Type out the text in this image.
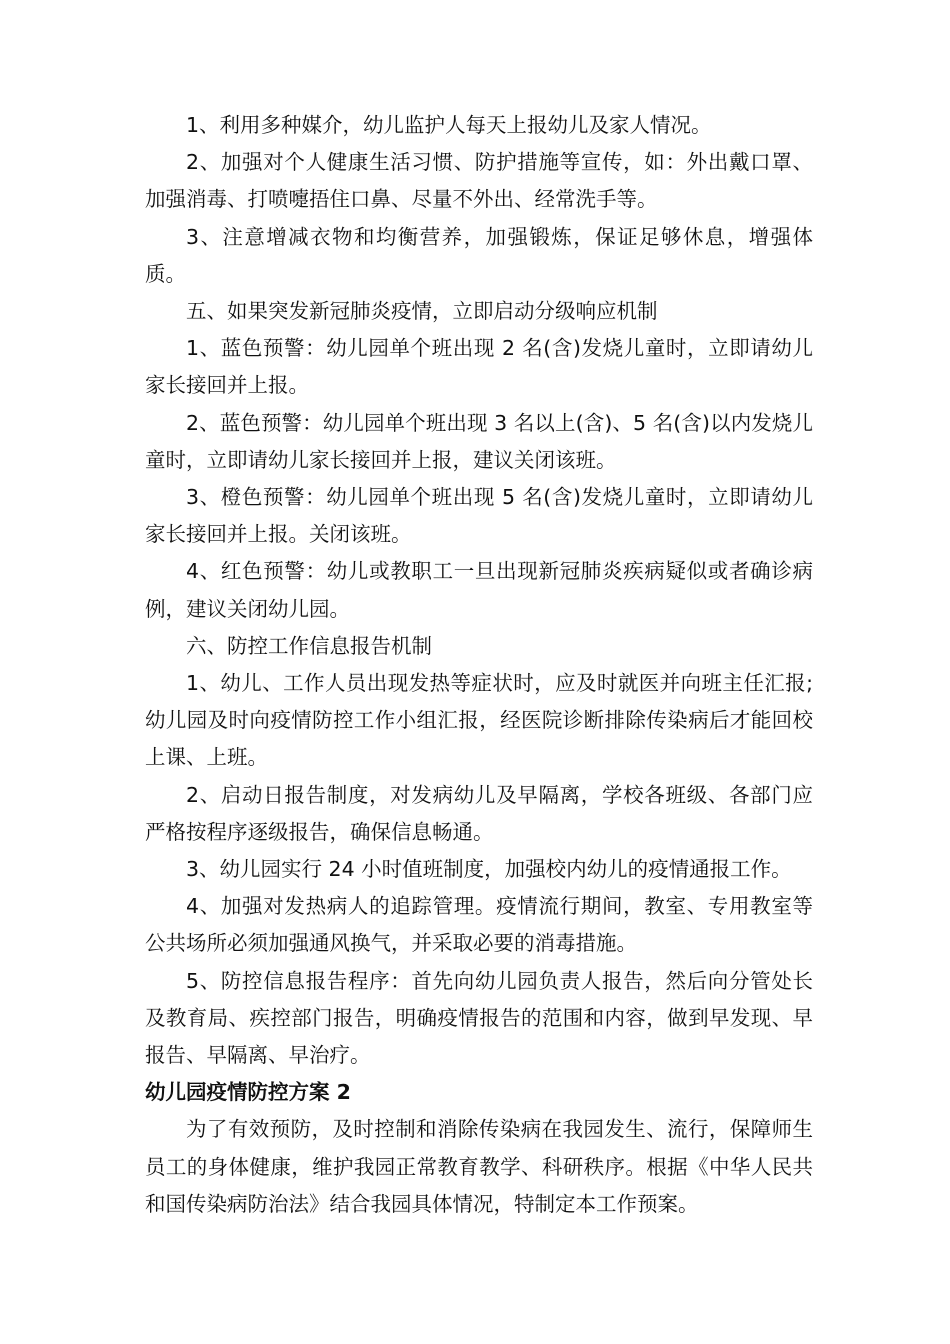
1、利用多种媒介，幼儿监护人每天上报幼儿及家人情况。

2、加强对个人健康生活习惯、防护措施等宣传，如：外出戴口罩、加强消毒、打喷嚏捂住口鼻、尽量不外出、经常洗手等。

3、注意增减衣物和均衡营养，加强锻炼，保证足够休息，增强体质。

五、如果突发新冠肺炎疫情，立即启动分级响应机制

1、蓝色预警：幼儿园单个班出现 2 名(含)发烧儿童时，立即请幼儿家长接回并上报。

2、蓝色预警：幼儿园单个班出现 3 名以上(含)、5 名(含)以内发烧儿童时，立即请幼儿家长接回并上报，建议关闭该班。

3、橙色预警：幼儿园单个班出现 5 名(含)发烧儿童时，立即请幼儿家长接回并上报。关闭该班。

4、红色预警：幼儿或教职工一旦出现新冠肺炎疾病疑似或者确诊病例，建议关闭幼儿园。

六、防控工作信息报告机制

1、幼儿、工作人员出现发热等症状时，应及时就医并向班主任汇报;幼儿园及时向疫情防控工作小组汇报，经医院诊断排除传染病后才能回校上课、上班。

2、启动日报告制度，对发病幼儿及早隔离，学校各班级、各部门应严格按程序逐级报告，确保信息畅通。

3、幼儿园实行 24 小时值班制度，加强校内幼儿的疫情通报工作。

4、加强对发热病人的追踪管理。疫情流行期间，教室、专用教室等公共场所必须加强通风换气，并采取必要的消毒措施。

5、防控信息报告程序：首先向幼儿园负责人报告，然后向分管处长及教育局、疾控部门报告，明确疫情报告的范围和内容，做到早发现、早报告、早隔离、早治疗。

幼儿园疫情防控方案 2

为了有效预防，及时控制和消除传染病在我园发生、流行，保障师生员工的身体健康，维护我园正常教育教学、科研秩序。根据《中华人民共和国传染病防治法》结合我园具体情况，特制定本工作预案。
